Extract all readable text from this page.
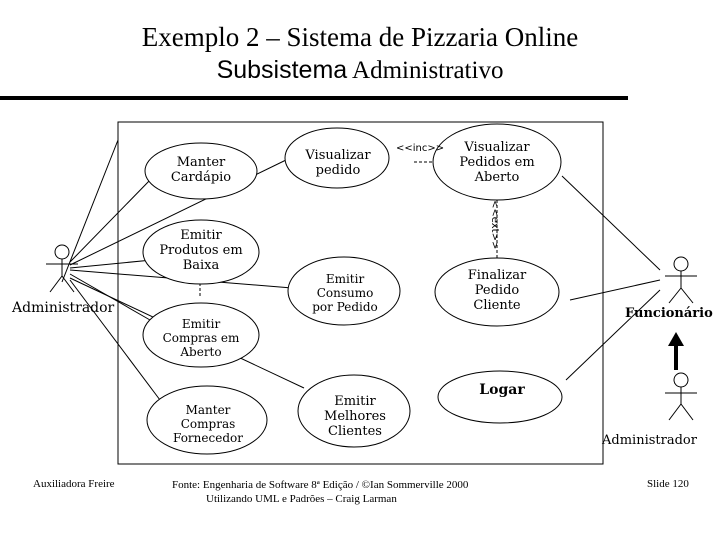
Exemplo 2 – Sistema de Pizzaria Online
Subsistema Administrativo
Manter Cardápio
Emitir Produtos em Baixa
Emitir Compras em Aberto
Manter Compras Fornecedor
Visualizar pedido
Emitir Consumo por Pedido
Emitir Melhores Clientes
Visualizar Pedidos em Aberto
Finalizar Pedido Cliente
Logar
<<inc>>
<<ext>>
Administrador	Funcionário
Administrador
Auxiliadora Freire	Fonte: Engenharia de Software 8ª Edição / ©Ian Sommerville 2000
Utilizando UML e Padrões – Craig Larman
Slide 120
